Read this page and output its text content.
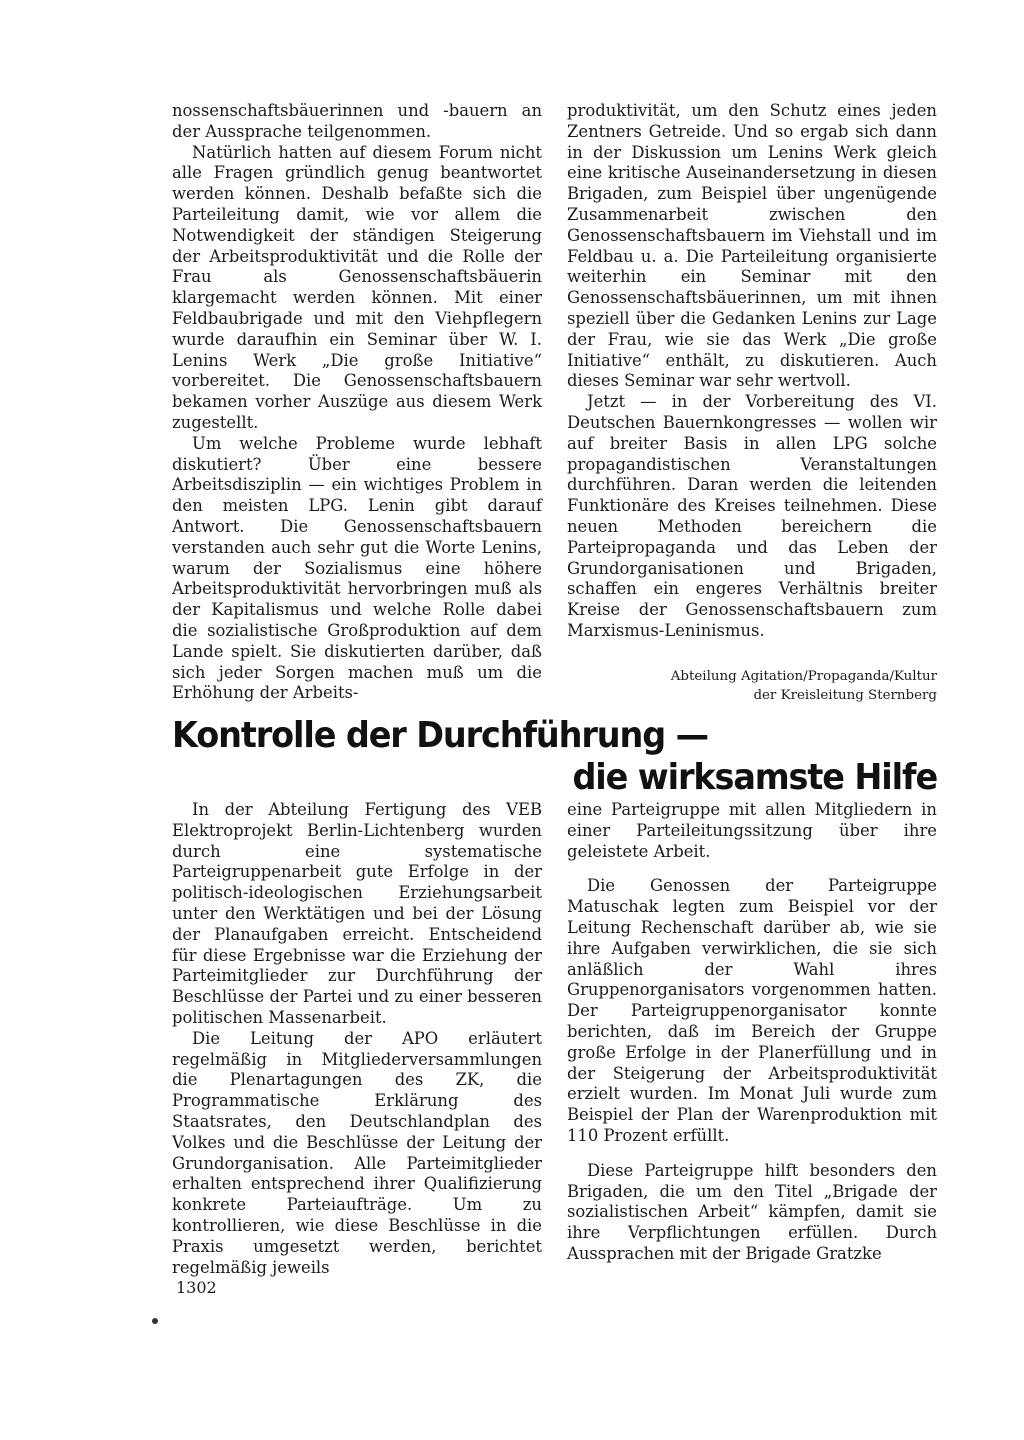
nossenschaftsbäuerinnen und -bauern an der Aussprache teilgenommen.

Natürlich hatten auf diesem Forum nicht alle Fragen gründlich genug beantwortet werden können. Deshalb befaßte sich die Parteileitung damit, wie vor allem die Notwendigkeit der ständigen Steigerung der Arbeitsproduktivität und die Rolle der Frau als Genossenschaftsbäuerin klargemacht werden können. Mit einer Feldbaubrigade und mit den Viehpflegern wurde daraufhin ein Seminar über W. I. Lenins Werk „Die große Initiative“ vorbereitet. Die Genossenschaftsbauern bekamen vorher Auszüge aus diesem Werk zugestellt.

Um welche Probleme wurde lebhaft diskutiert? Über eine bessere Arbeitsdisziplin — ein wichtiges Problem in den meisten LPG. Lenin gibt darauf Antwort. Die Genossenschaftsbauern verstanden auch sehr gut die Worte Lenins, warum der Sozialismus eine höhere Arbeitsproduktivität hervorbringen muß als der Kapitalismus und welche Rolle dabei die sozialistische Großproduktion auf dem Lande spielt. Sie diskutierten darüber, daß sich jeder Sorgen machen muß um die Erhöhung der Arbeits-

produktivität, um den Schutz eines jeden Zentners Getreide. Und so ergab sich dann in der Diskussion um Lenins Werk gleich eine kritische Auseinandersetzung in diesen Brigaden, zum Beispiel über ungenügende Zusammenarbeit zwischen den Genossenschaftsbauern im Viehstall und im Feldbau u. a. Die Parteileitung organisierte weiterhin ein Seminar mit den Genossenschaftsbäuerinnen, um mit ihnen speziell über die Gedanken Lenins zur Lage der Frau, wie sie das Werk „Die große Initiative“ enthält, zu diskutieren. Auch dieses Seminar war sehr wertvoll.

Jetzt — in der Vorbereitung des VI. Deutschen Bauernkongresses — wollen wir auf breiter Basis in allen LPG solche propagandistischen Veranstaltungen durchführen. Daran werden die leitenden Funktionäre des Kreises teilnehmen. Diese neuen Methoden bereichern die Parteipropaganda und das Leben der Grundorganisationen und Brigaden, schaffen ein engeres Verhältnis breiter Kreise der Genossenschaftsbauern zum Marxismus-Leninismus.

Abteilung Agitation/Propaganda/Kultur
der Kreisleitung Sternberg
Kontrolle der Durchführung —
die wirksamste Hilfe

In der Abteilung Fertigung des VEB Elektroprojekt Berlin-Lichtenberg wurden durch eine systematische Parteigruppenarbeit gute Erfolge in der politisch-ideologischen Erziehungsarbeit unter den Werktätigen und bei der Lösung der Planaufgaben erreicht. Entscheidend für diese Ergebnisse war die Erziehung der Parteimitglieder zur Durchführung der Beschlüsse der Partei und zu einer besseren politischen Massenarbeit.

Die Leitung der APO erläutert regelmäßig in Mitgliederversammlungen die Plenartagungen des ZK, die Programmatische Erklärung des Staatsrates, den Deutschlandplan des Volkes und die Beschlüsse der Leitung der Grundorganisation. Alle Parteimitglieder erhalten entsprechend ihrer Qualifizierung konkrete Parteiaufträge. Um zu kontrollieren, wie diese Beschlüsse in die Praxis umgesetzt werden, berichtet regelmäßig jeweils

eine Parteigruppe mit allen Mitgliedern in einer Parteileitungssitzung über ihre geleistete Arbeit.

Die Genossen der Parteigruppe Matuschak legten zum Beispiel vor der Leitung Rechenschaft darüber ab, wie sie ihre Aufgaben verwirklichen, die sie sich anläßlich der Wahl ihres Gruppenorganisators vorgenommen hatten. Der Parteigruppenorganisator konnte berichten, daß im Bereich der Gruppe große Erfolge in der Planerfüllung und in der Steigerung der Arbeitsproduktivität erzielt wurden. Im Monat Juli wurde zum Beispiel der Plan der Warenproduktion mit 110 Prozent erfüllt.

Diese Parteigruppe hilft besonders den Brigaden, die um den Titel „Brigade der sozialistischen Arbeit“ kämpfen, damit sie ihre Verpflichtungen erfüllen. Durch Aussprachen mit der Brigade Gratzke

1302
